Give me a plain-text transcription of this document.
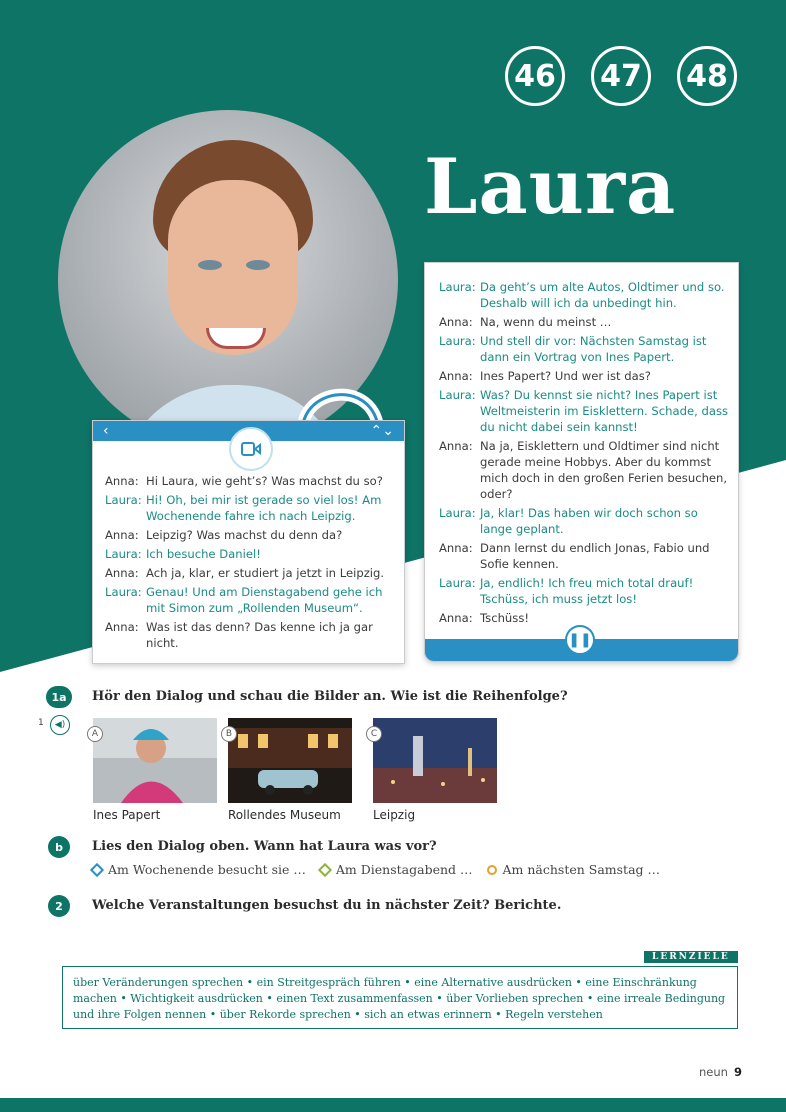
46	47	48
Laura
‹	⌃⌄
Anna: Hi Laura, wie geht’s? Was machst du so?
Laura: Hi! Oh, bei mir ist gerade so viel los! Am Wochenende fahre ich nach Leipzig.
Anna: Leipzig? Was machst du denn da?
Laura: Ich besuche Daniel!
Anna: Ach ja, klar, er studiert ja jetzt in Leipzig.
Laura: Genau! Und am Dienstagabend gehe ich mit Simon zum „Rollenden Museum“.
Anna: Was ist das denn? Das kenne ich ja gar nicht.
Laura: Da geht’s um alte Autos, Oldtimer und so. Deshalb will ich da unbedingt hin.
Anna: Na, wenn du meinst …
Laura: Und stell dir vor: Nächsten Samstag ist dann ein Vortrag von Ines Papert.
Anna: Ines Papert? Und wer ist das?
Laura: Was? Du kennst sie nicht? Ines Papert ist Weltmeisterin im Eisklettern. Schade, dass du nicht dabei sein kannst!
Anna: Na ja, Eisklettern und Oldtimer sind nicht gerade meine Hobbys. Aber du kommst mich doch in den großen Ferien besuchen, oder?
Laura: Ja, klar! Das haben wir doch schon so lange geplant.
Anna: Dann lernst du endlich Jonas, Fabio und Sofie kennen.
Laura: Ja, endlich! Ich freu mich total drauf! Tschüss, ich muss jetzt los!
Anna: Tschüss!
❚❚
1a	Hör den Dialog und schau die Bilder an. Wie ist die Reihenfolge?
1	◀)
A	B	C
Ines Papert	Rollendes Museum	Leipzig
b	Lies den Dialog oben. Wann hat Laura was vor?
Am Wochenende besucht sie … Am Dienstagabend … Am nächsten Samstag …
2	Welche Veranstaltungen besuchst du in nächster Zeit? Berichte.
LERNZIELE
über Veränderungen sprechen • ein Streitgespräch führen • eine Alternative ausdrücken • eine Einschränkung machen • Wichtigkeit ausdrücken • einen Text zusammenfassen • über Vorlieben sprechen • eine irreale Bedingung und ihre Folgen nennen • über Rekorde sprechen • sich an etwas erinnern • Regeln verstehen
neun 9
